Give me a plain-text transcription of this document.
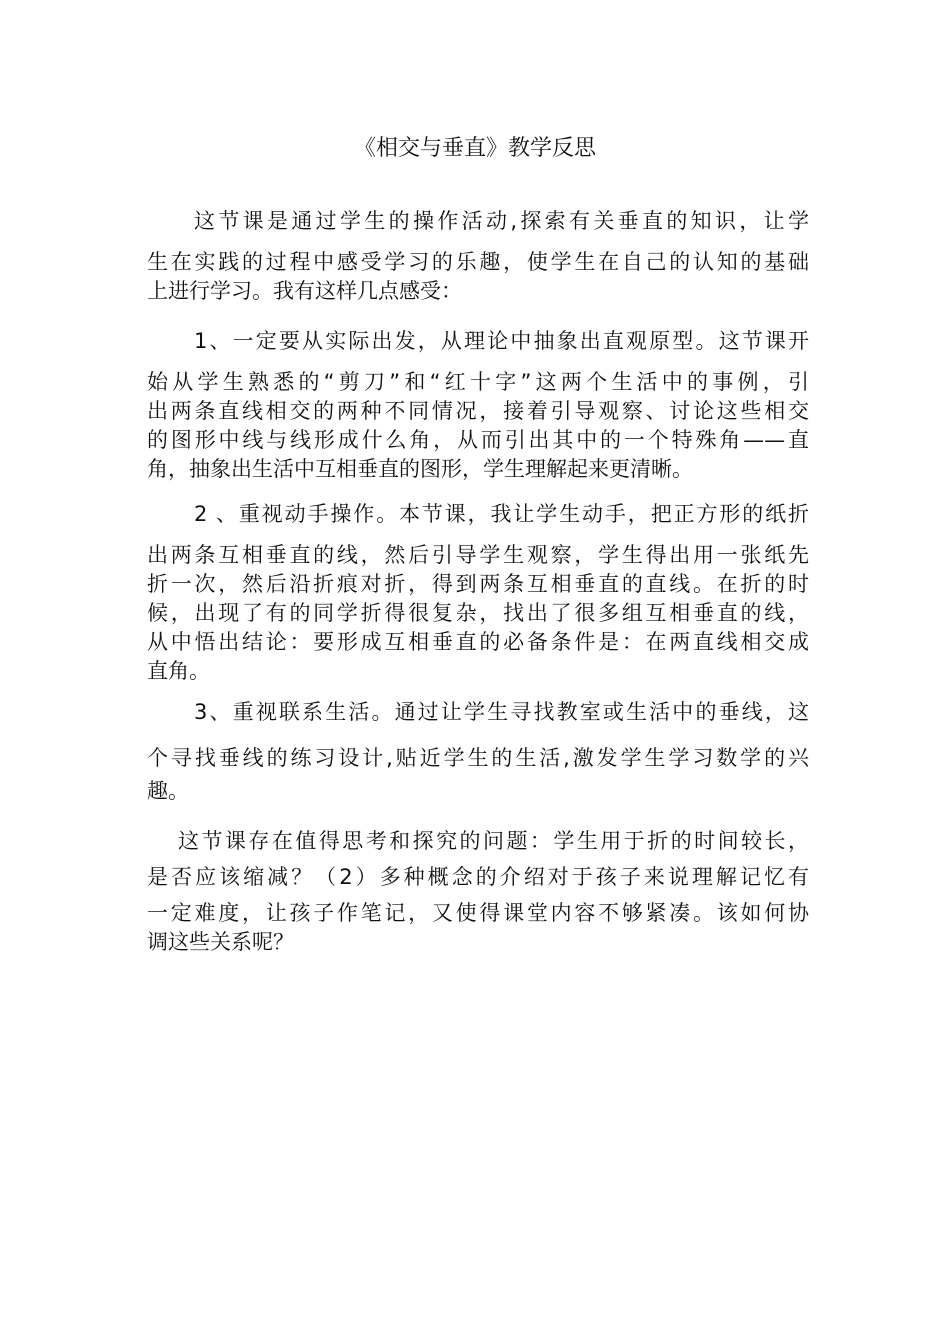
《相交与垂直》教学反思
这节课是通过学生的操作活动,探索有关垂直的知识，让学
生在实践的过程中感受学习的乐趣，使学生在自己的认知的基础
上进行学习。我有这样几点感受：
1、一定要从实际出发，从理论中抽象出直观原型。这节课开
始从学生熟悉的“剪刀”和“红十字”这两个生活中的事例，引
出两条直线相交的两种不同情况，接着引导观察、讨论这些相交
的图形中线与线形成什么角，从而引出其中的一个特殊角——直
角，抽象出生活中互相垂直的图形，学生理解起来更清晰。
2 、重视动手操作。本节课，我让学生动手，把正方形的纸折
出两条互相垂直的线，然后引导学生观察，学生得出用一张纸先
折一次，然后沿折痕对折，得到两条互相垂直的直线。在折的时
候，出现了有的同学折得很复杂，找出了很多组互相垂直的线，
从中悟出结论：要形成互相垂直的必备条件是：在两直线相交成
直角。
3、重视联系生活。通过让学生寻找教室或生活中的垂线，这
个寻找垂线的练习设计,贴近学生的生活,激发学生学习数学的兴
趣。
这节课存在值得思考和探究的问题：学生用于折的时间较长，
是否应该缩减？（2）多种概念的介绍对于孩子来说理解记忆有
一定难度，让孩子作笔记，又使得课堂内容不够紧凑。该如何协
调这些关系呢？
